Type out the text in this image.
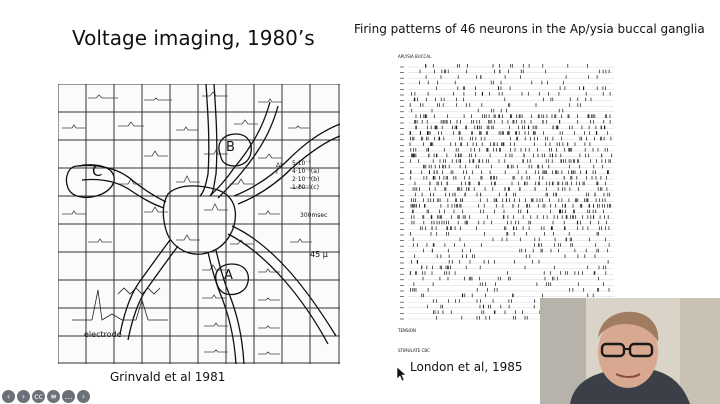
Voltage imaging, 1980’s	Firing patterns of 46 neurons in the Ap/ysia buccal ganglia
C
B
A
electrode
5·10⁻⁵
4·10⁻⁴(a)
2·10⁻⁴(b)
1·10⁻⁴(c)
ΔI
I
300msec
45 μ
APLYSIA BUCCAL
TENSION
STIMULATE CBC
Grinvald et al 1981
London et al, 1985
‹	›	cc ≡ …	›
